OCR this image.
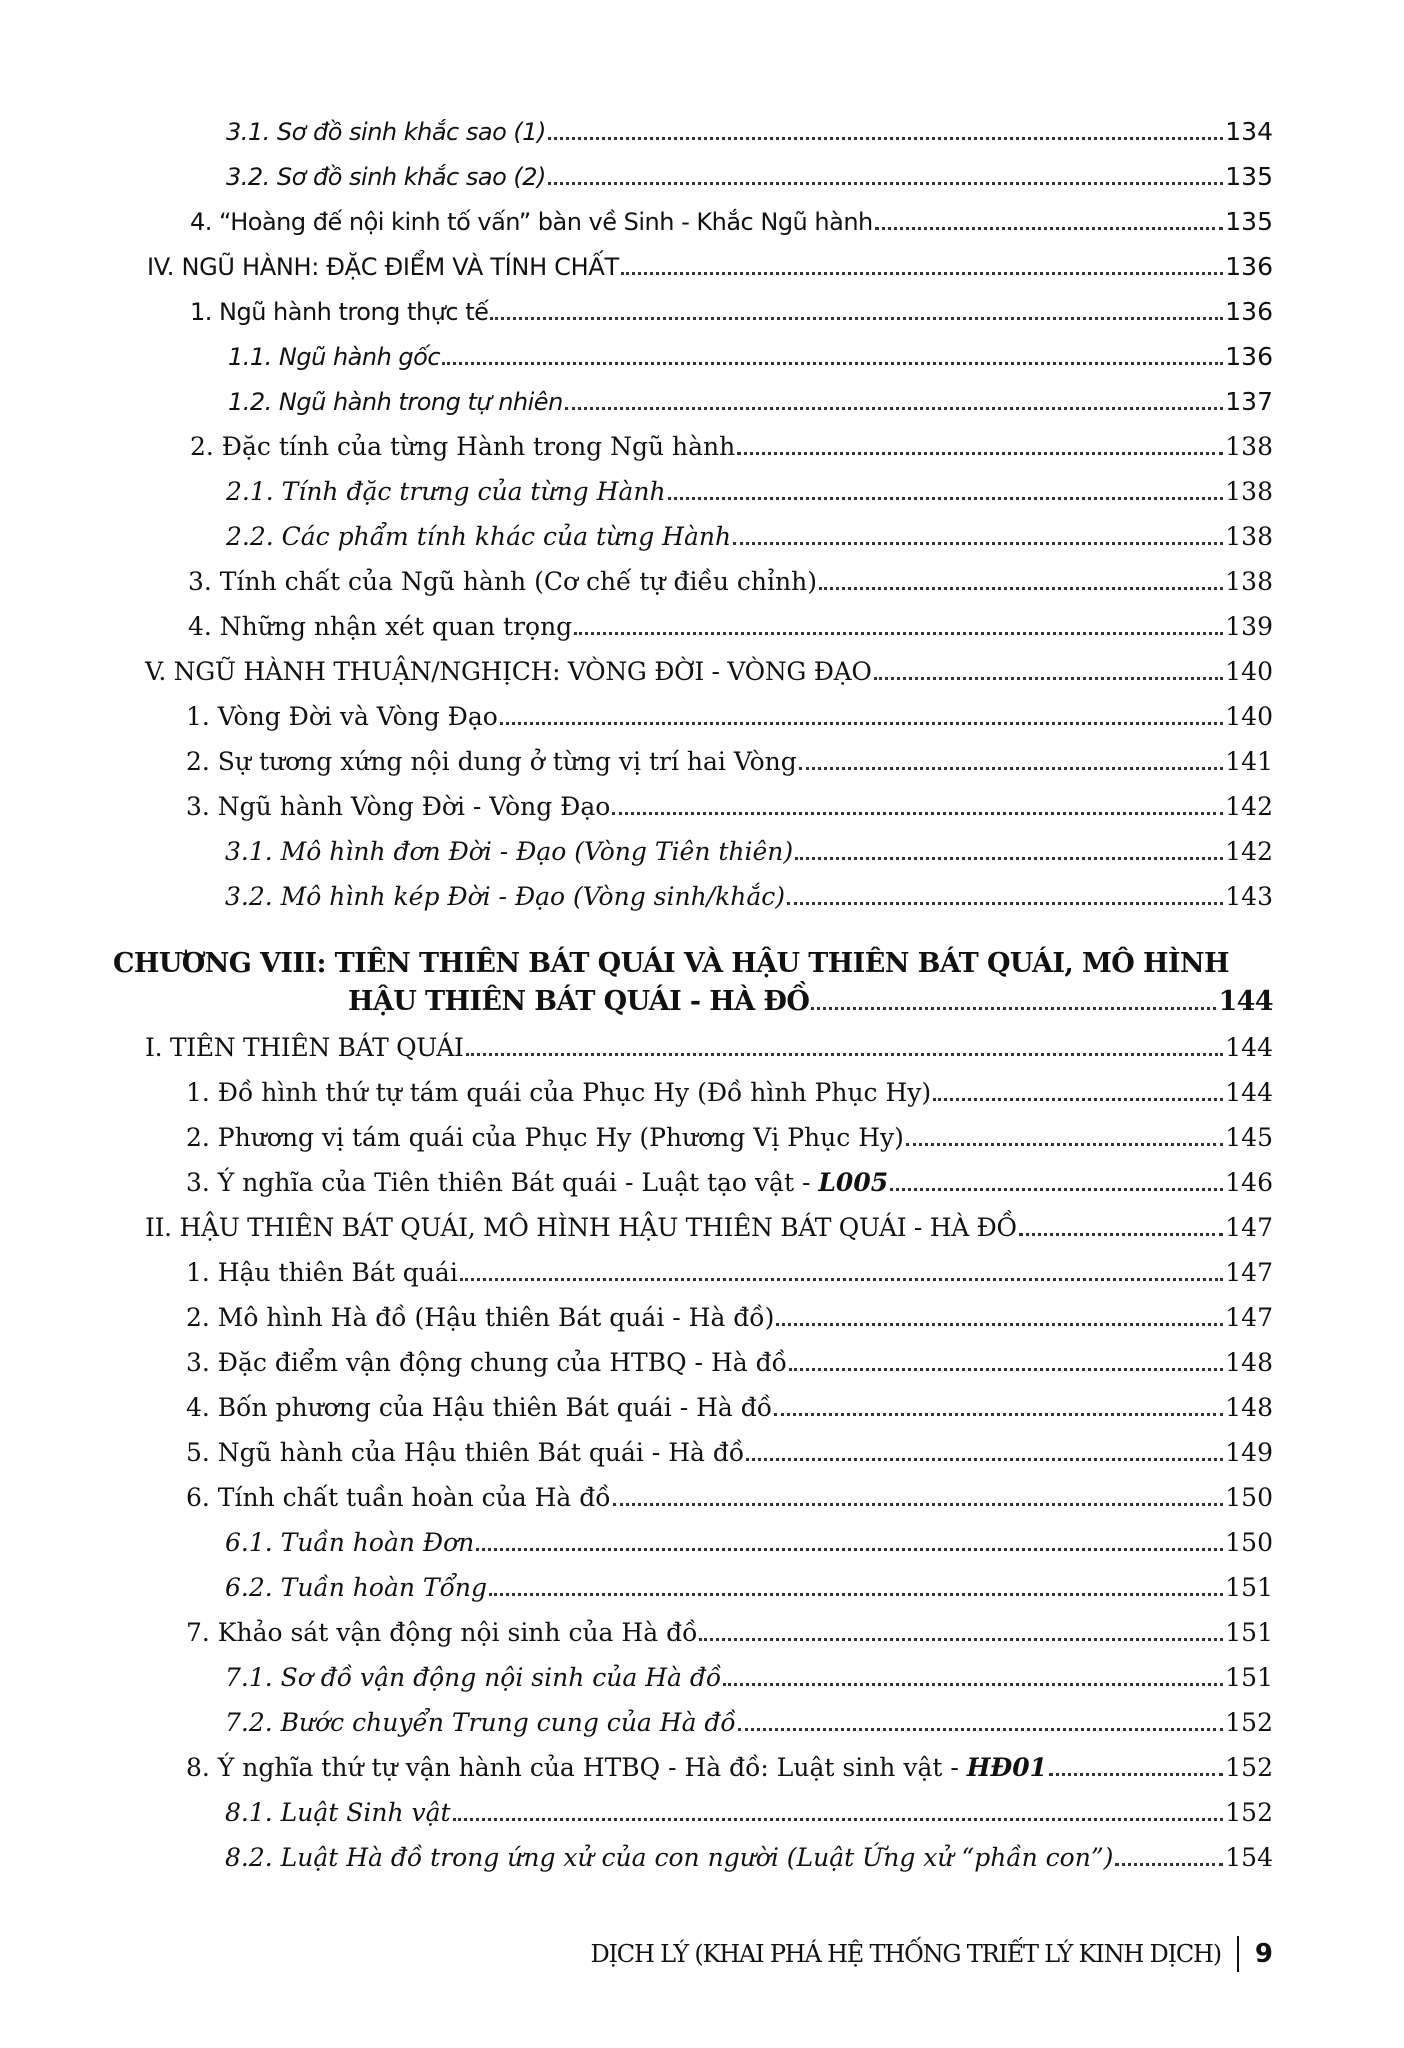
3.1. Sơ đồ sinh khắc sao (1)	134
3.2. Sơ đồ sinh khắc sao (2)	135
4. “Hoàng đế nội kinh tố vấn” bàn về Sinh - Khắc Ngũ hành	135
IV. NGŨ HÀNH: ĐẶC ĐIỂM VÀ TÍNH CHẤT	136
1. Ngũ hành trong thực tế	136
1.1. Ngũ hành gốc	136
1.2. Ngũ hành trong tự nhiên	137
2. Đặc tính của từng Hành trong Ngũ hành	138
2.1. Tính đặc trưng của từng Hành	138
2.2. Các phẩm tính khác của từng Hành	138
3. Tính chất của Ngũ hành (Cơ chế tự điều chỉnh)	138
4. Những nhận xét quan trọng	139
V. NGŨ HÀNH THUẬN/NGHỊCH: VÒNG ĐỜI - VÒNG ĐẠO	140
1. Vòng Đời và Vòng Đạo	140
2. Sự tương xứng nội dung ở từng vị trí hai Vòng	141
3. Ngũ hành Vòng Đời - Vòng Đạo	142
3.1. Mô hình đơn Đời - Đạo (Vòng Tiên thiên)	142
3.2. Mô hình kép Đời - Đạo (Vòng sinh/khắc)	143
CHƯƠNG VIII: TIÊN THIÊN BÁT QUÁI VÀ HẬU THIÊN BÁT QUÁI, MÔ HÌNH
HẬU THIÊN BÁT QUÁI - HÀ ĐỒ	144
I. TIÊN THIÊN BÁT QUÁI	144
1. Đồ hình thứ tự tám quái của Phục Hy (Đồ hình Phục Hy)	144
2. Phương vị tám quái của Phục Hy (Phương Vị Phục Hy)	145
3. Ý nghĩa của Tiên thiên Bát quái - Luật tạo vật - L005	146
II. HẬU THIÊN BÁT QUÁI, MÔ HÌNH HẬU THIÊN BÁT QUÁI - HÀ ĐỒ	147
1. Hậu thiên Bát quái	147
2. Mô hình Hà đồ (Hậu thiên Bát quái - Hà đồ)	147
3. Đặc điểm vận động chung của HTBQ - Hà đồ	148
4. Bốn phương của Hậu thiên Bát quái - Hà đồ	148
5. Ngũ hành của Hậu thiên Bát quái - Hà đồ	149
6. Tính chất tuần hoàn của Hà đồ	150
6.1. Tuần hoàn Đơn	150
6.2. Tuần hoàn Tổng	151
7. Khảo sát vận động nội sinh của Hà đồ	151
7.1. Sơ đồ vận động nội sinh của Hà đồ	151
7.2. Bước chuyển Trung cung của Hà đồ	152
8. Ý nghĩa thứ tự vận hành của HTBQ - Hà đồ: Luật sinh vật - HĐ01	152
8.1. Luật Sinh vật	152
8.2. Luật Hà đồ trong ứng xử của con người (Luật Ứng xử “phần con”)	154
DỊCH LÝ (KHAI PHÁ HỆ THỐNG TRIẾT LÝ KINH DỊCH) 9
